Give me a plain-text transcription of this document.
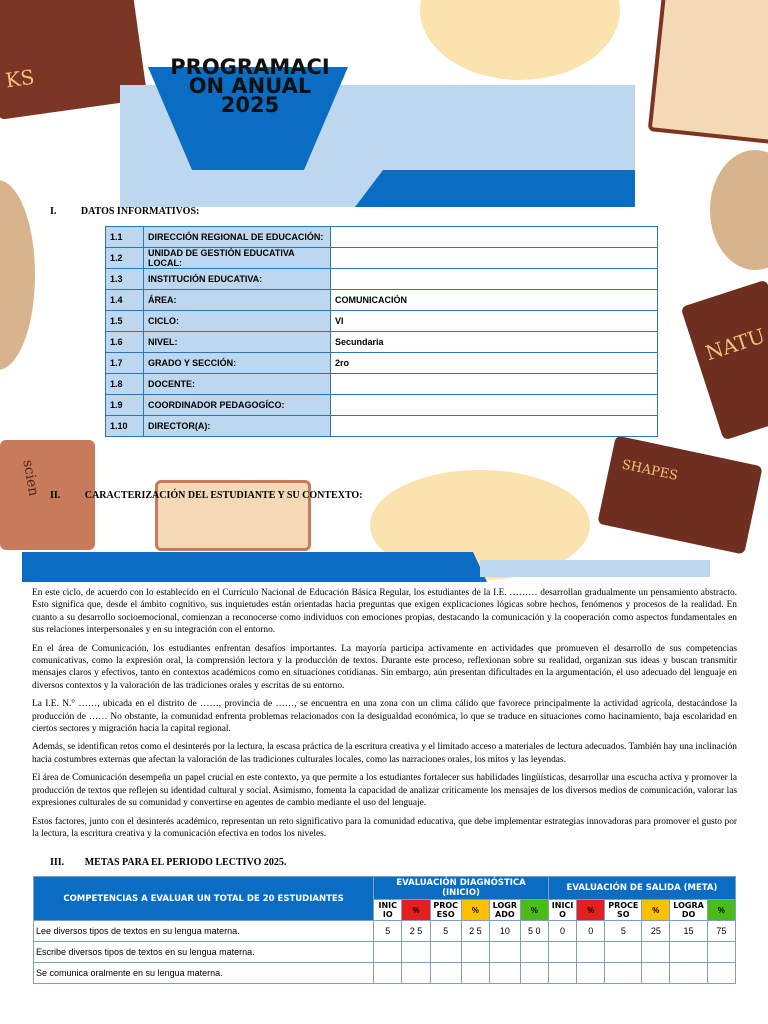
KS
NATU
SHAPES
scien
PROGRAMACI
ON ANUAL
2025
I. DATOS INFORMATIVOS:
1.1	DIRECCIÓN REGIONAL DE EDUCACIÓN:	
1.2	UNIDAD DE GESTIÓN EDUCATIVA LOCAL:	
1.3	INSTITUCIÓN EDUCATIVA:	
1.4	ÁREA:	COMUNICACIÓN
1.5	CICLO:	VI
1.6	NIVEL:	Secundaria
1.7	GRADO Y SECCIÓN:	2ro
1.8	DOCENTE:	
1.9	COORDINADOR PEDAGOGÍCO:	
1.10	DIRECTOR(A):	
II. CARACTERIZACIÓN DEL ESTUDIANTE Y SU CONTEXTO:

En este ciclo, de acuerdo con lo establecido en el Currículo Nacional de Educación Básica Regular, los estudiantes de la I.E. ……… desarrollan gradualmente un pensamiento abstracto. Esto significa que, desde el ámbito cognitivo, sus inquietudes están orientadas hacia preguntas que exigen explicaciones lógicas sobre hechos, fenómenos y procesos de la realidad. En cuanto a su desarrollo socioemocional, comienzan a reconocerse como individuos con emociones propias, destacando la comunicación y la cooperación como aspectos fundamentales en sus relaciones interpersonales y en su integración con el entorno.

En el área de Comunicación, los estudiantes enfrentan desafíos importantes. La mayoría participa activamente en actividades que promueven el desarrollo de sus competencias comunicativas, como la expresión oral, la comprensión lectora y la producción de textos. Durante este proceso, reflexionan sobre su realidad, organizan sus ideas y buscan transmitir mensajes claros y efectivos, tanto en contextos académicos como en situaciones cotidianas. Sin embargo, aún presentan dificultades en la argumentación, el uso adecuado del lenguaje en diversos contextos y la valoración de las tradiciones orales y escritas de su entorno.

La I.E. N.° ……, ubicada en el distrito de ……, provincia de ……, se encuentra en una zona con un clima cálido que favorece principalmente la actividad agrícola, destacándose la producción de …… No obstante, la comunidad enfrenta problemas relacionados con la desigualdad económica, lo que se traduce en situaciones como hacinamiento, baja escolaridad en ciertos sectores y migración hacia la capital regional.

Además, se identifican retos como el desinterés por la lectura, la escasa práctica de la escritura creativa y el limitado acceso a materiales de lectura adecuados. También hay una inclinación hacia costumbres externas que afectan la valoración de las tradiciones culturales locales, como las narraciones orales, los mitos y las leyendas.

El área de Comunicación desempeña un papel crucial en este contexto, ya que permite a los estudiantes fortalecer sus habilidades lingüísticas, desarrollar una escucha activa y promover la producción de textos que reflejen su identidad cultural y social. Asimismo, fomenta la capacidad de analizar críticamente los mensajes de los diversos medios de comunicación, valorar las expresiones culturales de su comunidad y convertirse en agentes de cambio mediante el uso del lenguaje.

Estos factores, junto con el desinterés académico, representan un reto significativo para la comunidad educativa, que debe implementar estrategias innovadoras para promover el gusto por la lectura, la escritura creativa y la comunicación efectiva en todos los niveles.

III. METAS PARA EL PERIODO LECTIVO 2025.
COMPETENCIAS A EVALUAR UN TOTAL DE 20 ESTUDIANTES	EVALUACIÓN DIAGNÓSTICA (INICIO)						EVALUACIÓN DE SALIDA (META)					
	INIC IO	%	PROC ESO	%	LOGR ADO	%	INICI O	%	PROCE SO	%	LOGRA DO	%
Lee diversos tipos de textos en su lengua materna.	5	2 5	5	2 5	10	5 0	0	0	5	25	15	75
Escribe diversos tipos de textos en su lengua materna.												
Se comunica oralmente en su lengua materna.												
